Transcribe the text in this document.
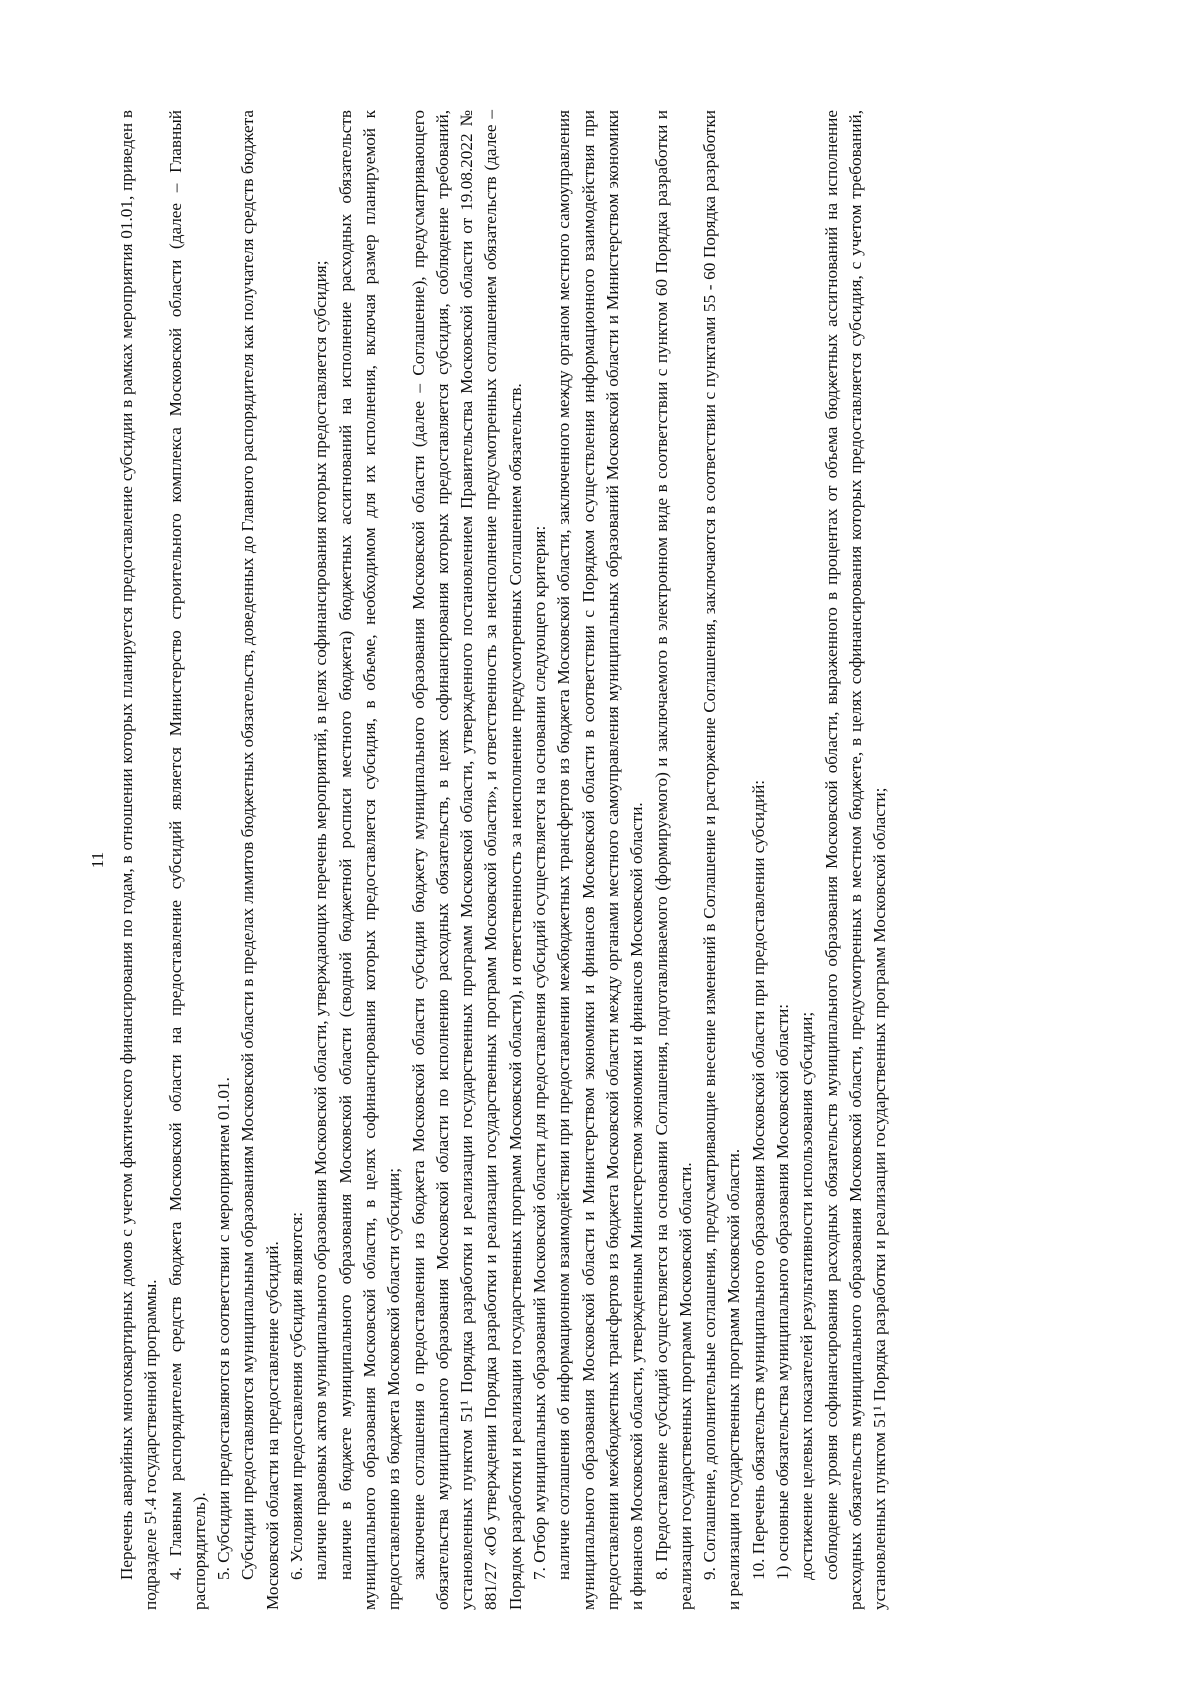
11 Перечень аварийных многоквартирных домов с учетом фактического финансирования по годам, в отношении которых планируется предоставление субсидии в рамках мероприятия 01.01, приведен в подразделе 5¹.4 государственной программы. 4. Главным распорядителем средств бюджета Московской области на предоставление субсидий является Министерство строительного комплекса Московской области (далее – Главный распорядитель). 5. Субсидии предоставляются в соответствии с мероприятием 01.01. Субсидии предоставляются муниципальным образованиям Московской области в пределах лимитов бюджетных обязательств, доведенных до Главного распорядителя как получателя средств бюджета Московской области на предоставление субсидий. 6. Условиями предоставления субсидии являются: наличие правовых актов муниципального образования Московской области, утверждающих перечень мероприятий, в целях софинансирования которых предоставляется субсидия; наличие в бюджете муниципального образования Московской области (сводной бюджетной росписи местного бюджета) бюджетных ассигнований на исполнение расходных обязательств муниципального образования Московской области, в целях софинансирования которых предоставляется субсидия, в объеме, необходимом для их исполнения, включая размер планируемой к предоставлению из бюджета Московской области субсидии; заключение соглашения о предоставлении из бюджета Московской области субсидии бюджету муниципального образования Московской области (далее – Соглашение), предусматривающего обязательства муниципального образования Московской области по исполнению расходных обязательств, в целях софинансирования которых предоставляется субсидия, соблюдение требований, установленных пунктом 51¹ Порядка разработки и реализации государственных программ Московской области, утвержденного постановлением Правительства Московской области от 19.08.2022 № 881/27 «Об утверждении Порядка разработки и реализации государственных программ Московской области», и ответственность за неисполнение предусмотренных соглашением обязательств (далее – Порядок разработки и реализации государственных программ Московской области), и ответственность за неисполнение предусмотренных Соглашением обязательств. 7. Отбор муниципальных образований Московской области для предоставления субсидий осуществляется на основании следующего критерия: наличие соглашения об информационном взаимодействии при предоставлении межбюджетных трансфертов из бюджета Московской области, заключенного между органом местного самоуправления муниципального образования Московской области и Министерством экономики и финансов Московской области в соответствии с Порядком осуществления информационного взаимодействия при предоставлении межбюджетных трансфертов из бюджета Московской области между органами местного самоуправления муниципальных образований Московской области и Министерством экономики и финансов Московской области, утвержденным Министерством экономики и финансов Московской области. 8. Предоставление субсидий осуществляется на основании Соглашения, подготавливаемого (формируемого) и заключаемого в электронном виде в соответствии с пунктом 60 Порядка разработки и реализации государственных программ Московской области. 9. Соглашение, дополнительные соглашения, предусматривающие внесение изменений в Соглашение и расторжение Соглашения, заключаются в соответствии с пунктами 55 - 60 Порядка разработки и реализации государственных программ Московской области. 10. Перечень обязательств муниципального образования Московской области при предоставлении субсидий: 1) основные обязательства муниципального образования Московской области: достижение целевых показателей результативности использования субсидии; соблюдение уровня софинансирования расходных обязательств муниципального образования Московской области, выраженного в процентах от объема бюджетных ассигнований на исполнение расходных обязательств муниципального образования Московской области, предусмотренных в местном бюджете, в целях софинансирования которых предоставляется субсидия, с учетом требований, установленных пунктом 51¹ Порядка разработки и реализации государственных программ Московской области;
